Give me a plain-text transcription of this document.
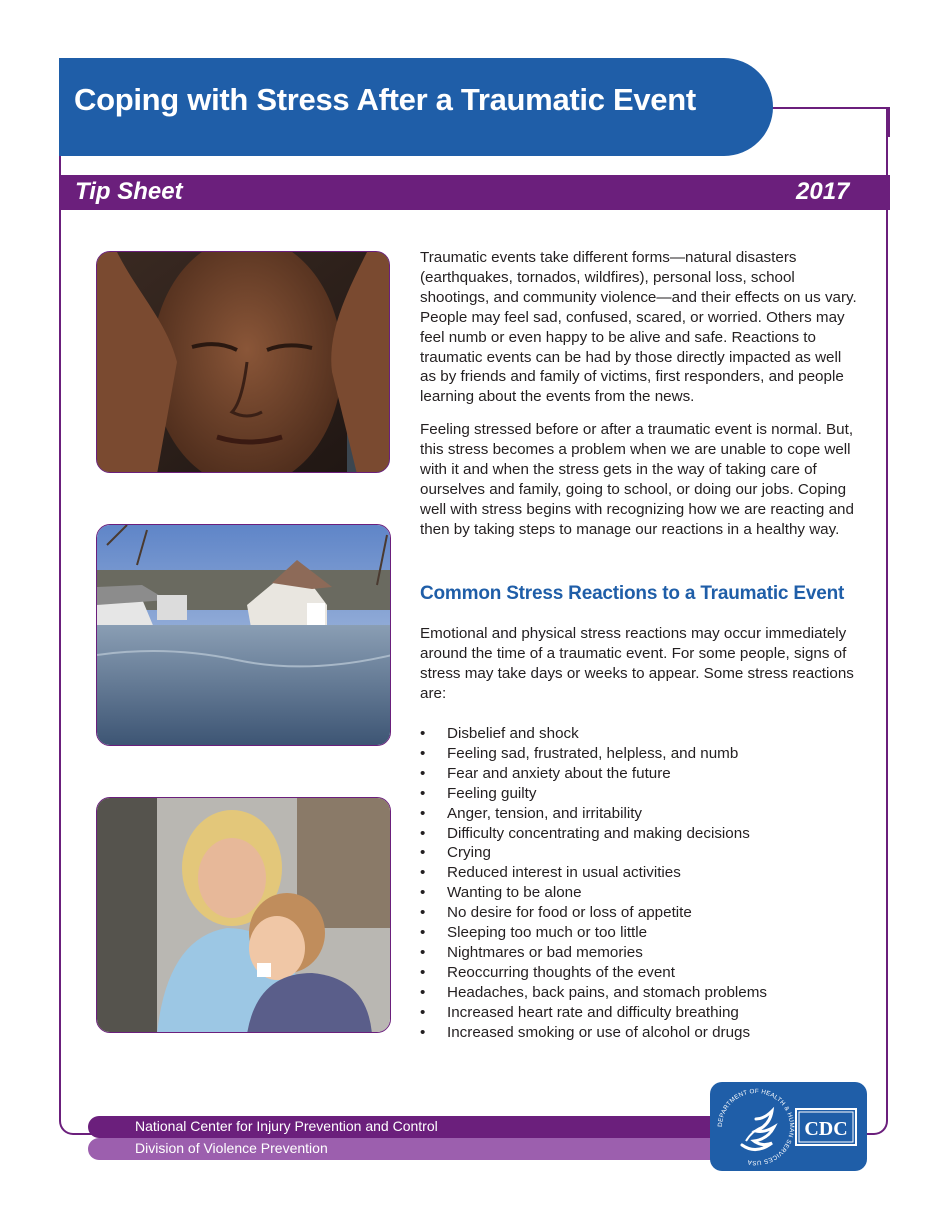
Coping with Stress After a Traumatic Event
Tip Sheet	2017

Traumatic events take different forms—natural disasters (earthquakes, tornados, wildfires), personal loss, school shootings, and community violence—and their effects on us vary. People may feel sad, confused, scared, or worried. Others may feel numb or even happy to be alive and safe. Reactions to traumatic events can be had by those directly impacted as well as by friends and family of victims, first responders, and people learning about the events from the news.

Feeling stressed before or after a traumatic event is normal. But, this stress becomes a problem when we are unable to cope well with it and when the stress gets in the way of taking care of ourselves and family, going to school, or doing our jobs. Coping well with stress begins with recognizing how we are reacting and then by taking steps to manage our reactions in a healthy way.

Common Stress Reactions to a Traumatic Event

Emotional and physical stress reactions may occur immediately around the time of a traumatic event. For some people, signs of stress may take days or weeks to appear. Some stress reactions are:

• Disbelief and shock
• Feeling sad, frustrated, helpless, and numb
• Fear and anxiety about the future
• Feeling guilty
• Anger, tension, and irritability
• Difficulty concentrating and making decisions
• Crying
• Reduced interest in usual activities
• Wanting to be alone
• No desire for food or loss of appetite
• Sleeping too much or too little
• Nightmares or bad memories
• Reoccurring thoughts of the event
• Headaches, back pains, and stomach problems
• Increased heart rate and difficulty breathing
• Increased smoking or use of alcohol or drugs
National Center for Injury Prevention and Control
Division of Violence Prevention
DEPARTMENT OF HEALTH & HUMAN SERVICES USA
CDC
